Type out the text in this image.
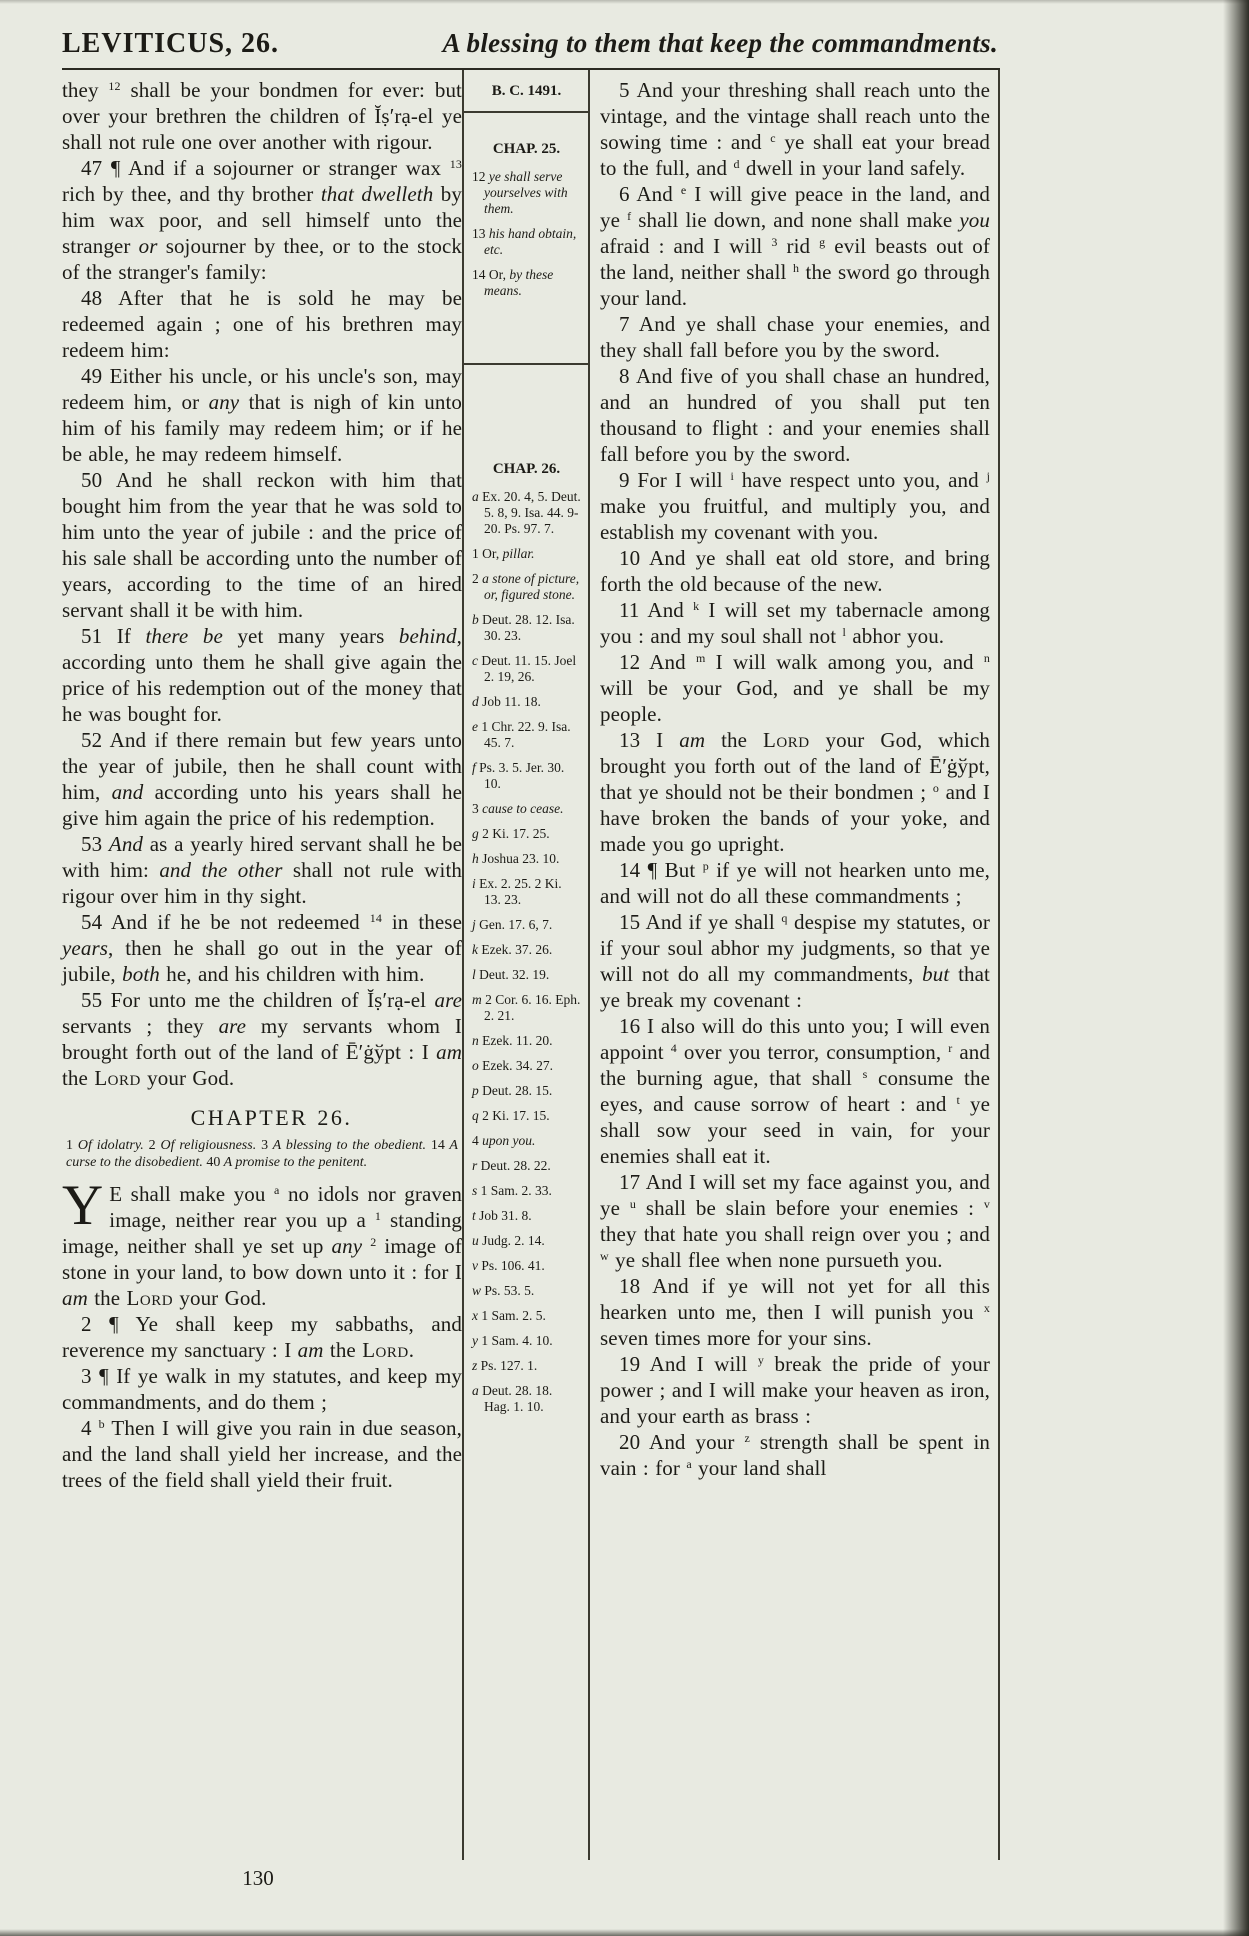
LEVITICUS, 26.	A blessing to them that keep the commandments.

they $^{12}$ shall be your bondmen for ever: but over your brethren the children of Ĭṣ′rạ-el ye shall not rule one over another with rigour.

47 ¶ And if a sojourner or stranger wax $^{13}$ rich by thee, and thy brother that dwelleth by him wax poor, and sell himself unto the stranger or sojourner by thee, or to the stock of the stranger's family:

48 After that he is sold he may be redeemed again ; one of his brethren may redeem him:

49 Either his uncle, or his uncle's son, may redeem him, or any that is nigh of kin unto him of his family may redeem him; or if he be able, he may redeem himself.

50 And he shall reckon with him that bought him from the year that he was sold to him unto the year of jubile : and the price of his sale shall be according unto the number of years, according to the time of an hired servant shall it be with him.

51 If there be yet many years behind, according unto them he shall give again the price of his redemption out of the money that he was bought for.

52 And if there remain but few years unto the year of jubile, then he shall count with him, and according unto his years shall he give him again the price of his redemption.

53 And as a yearly hired servant shall he be with him: and the other shall not rule with rigour over him in thy sight.

54 And if he be not redeemed $^{14}$ in these years, then he shall go out in the year of jubile, both he, and his children with him.

55 For unto me the children of Ĭṣ′rạ-el are servants ; they are my servants whom I brought forth out of the land of Ē′ġўpt : I am the Lord your God.

CHAPTER 26.

1 Of idolatry. 2 Of religiousness. 3 A blessing to the obedient. 14 A curse to the disobedient. 40 A promise to the penitent.

Y E shall make you $^a$ no idols nor graven image, neither rear you up a $^1$ standing image, neither shall ye set up any $^2$ image of stone in your land, to bow down unto it : for I am the Lord your God.

2 ¶ Ye shall keep my sabbaths, and reverence my sanctuary : I am the Lord.

3 ¶ If ye walk in my statutes, and keep my commandments, and do them ;

4 $^b$ Then I will give you rain in due season, and the land shall yield her increase, and the trees of the field shall yield their fruit.

B. C. 1491.

CHAP. 25.

12 ye shall serve yourselves with them.

13 his hand obtain, etc.

14 Or, by these means.

CHAP. 26.

a Ex. 20. 4, 5. Deut. 5. 8, 9. Isa. 44. 9-20. Ps. 97. 7.

1 Or, pillar.

2 a stone of picture, or, figured stone.

b Deut. 28. 12. Isa. 30. 23.

c Deut. 11. 15. Joel 2. 19, 26.

d Job 11. 18.

e 1 Chr. 22. 9. Isa. 45. 7.

f Ps. 3. 5. Jer. 30. 10.

3 cause to cease.

g 2 Ki. 17. 25.

h Joshua 23. 10.

i Ex. 2. 25. 2 Ki. 13. 23.

j Gen. 17. 6, 7.

k Ezek. 37. 26.

l Deut. 32. 19.

m 2 Cor. 6. 16. Eph. 2. 21.

n Ezek. 11. 20.

o Ezek. 34. 27.

p Deut. 28. 15.

q 2 Ki. 17. 15.

4 upon you.

r Deut. 28. 22.

s 1 Sam. 2. 33.

t Job 31. 8.

u Judg. 2. 14.

v Ps. 106. 41.

w Ps. 53. 5.

x 1 Sam. 2. 5.

y 1 Sam. 4. 10.

z Ps. 127. 1.

a Deut. 28. 18. Hag. 1. 10.

5 And your threshing shall reach unto the vintage, and the vintage shall reach unto the sowing time : and $^c$ ye shall eat your bread to the full, and $^d$ dwell in your land safely.

6 And $^e$ I will give peace in the land, and ye $^f$ shall lie down, and none shall make you afraid : and I will $^3$ rid $^g$ evil beasts out of the land, neither shall $^h$ the sword go through your land.

7 And ye shall chase your enemies, and they shall fall before you by the sword.

8 And five of you shall chase an hundred, and an hundred of you shall put ten thousand to flight : and your enemies shall fall before you by the sword.

9 For I will $^i$ have respect unto you, and $^j$ make you fruitful, and multiply you, and establish my covenant with you.

10 And ye shall eat old store, and bring forth the old because of the new.

11 And $^k$ I will set my tabernacle among you : and my soul shall not $^l$ abhor you.

12 And $^m$ I will walk among you, and $^n$ will be your God, and ye shall be my people.

13 I am the Lord your God, which brought you forth out of the land of Ē′ġўpt, that ye should not be their bondmen ; $^o$ and I have broken the bands of your yoke, and made you go upright.

14 ¶ But $^p$ if ye will not hearken unto me, and will not do all these commandments ;

15 And if ye shall $^q$ despise my statutes, or if your soul abhor my judgments, so that ye will not do all my commandments, but that ye break my covenant :

16 I also will do this unto you; I will even appoint $^4$ over you terror, consumption, $^r$ and the burning ague, that shall $^s$ consume the eyes, and cause sorrow of heart : and $^t$ ye shall sow your seed in vain, for your enemies shall eat it.

17 And I will set my face against you, and ye $^u$ shall be slain before your enemies : $^v$ they that hate you shall reign over you ; and $^w$ ye shall flee when none pursueth you.

18 And if ye will not yet for all this hearken unto me, then I will punish you $^x$ seven times more for your sins.

19 And I will $^y$ break the pride of your power ; and I will make your heaven as iron, and your earth as brass :

20 And your $^z$ strength shall be spent in vain : for $^a$ your land shall

130
